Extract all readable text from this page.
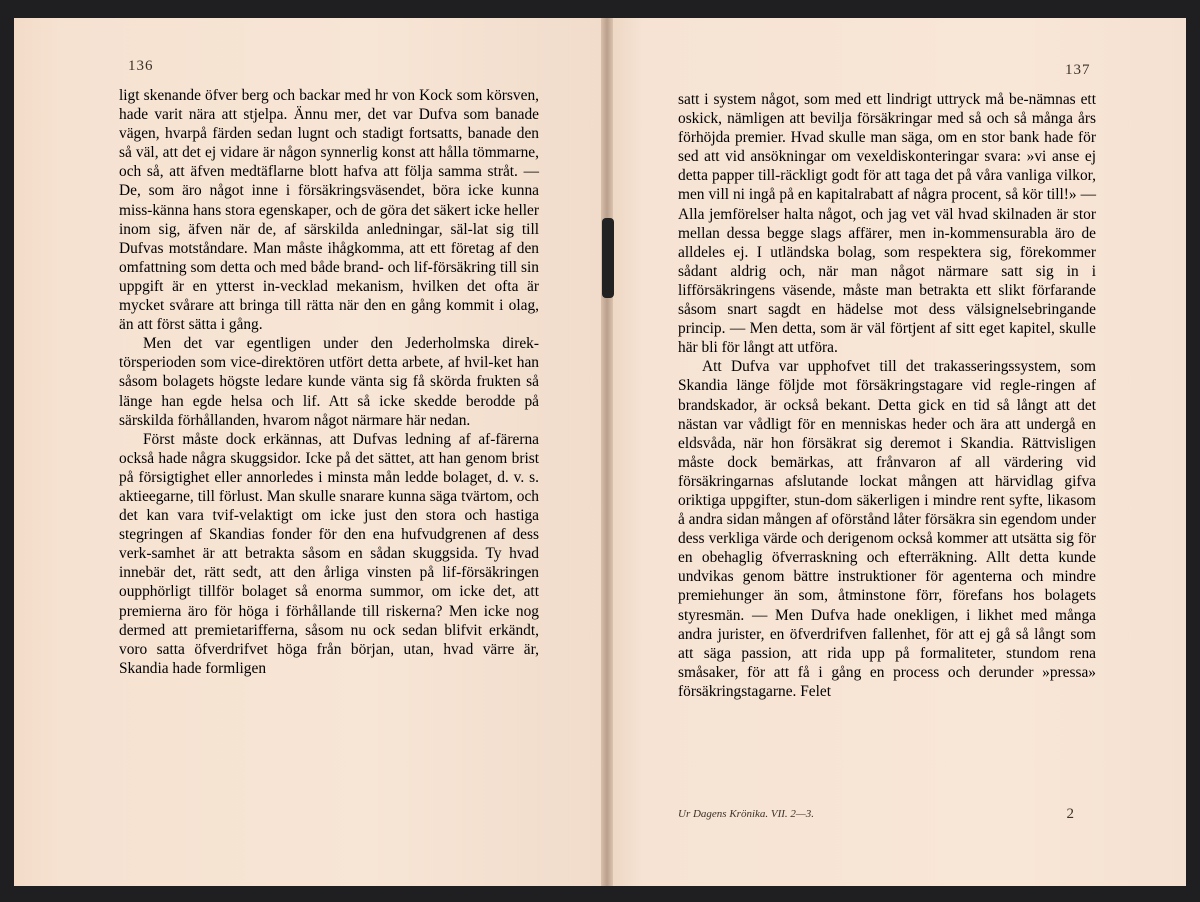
136	137

ligt skenande öfver berg och backar med hr von Kock som körsven, hade varit nära att stjelpa. Ännu mer, det var Dufva som banade vägen, hvarpå färden sedan lugnt och stadigt fortsatts, banade den så väl, att det ej vidare är någon synnerlig konst att hålla tömmarne, och så, att äfven medtäflarne blott hafva att följa samma stråt. — De, som äro något inne i försäkringsväsendet, böra icke kunna miss-känna hans stora egenskaper, och de göra det säkert icke heller inom sig, äfven när de, af särskilda anledningar, säl-lat sig till Dufvas motståndare. Man måste ihågkomma, att ett företag af den omfattning som detta och med både brand- och lif-försäkring till sin uppgift är en ytterst in-vecklad mekanism, hvilken det ofta är mycket svårare att bringa till rätta när den en gång kommit i olag, än att först sätta i gång.

Men det var egentligen under den Jederholmska direk-törsperioden som vice-direktören utfört detta arbete, af hvil-ket han såsom bolagets högste ledare kunde vänta sig få skörda frukten så länge han egde helsa och lif. Att så icke skedde berodde på särskilda förhållanden, hvarom något närmare här nedan.

Först måste dock erkännas, att Dufvas ledning af af-färerna också hade några skuggsidor. Icke på det sättet, att han genom brist på försigtighet eller annorledes i minsta mån ledde bolaget, d. v. s. aktieegarne, till förlust. Man skulle snarare kunna säga tvärtom, och det kan vara tvif-velaktigt om icke just den stora och hastiga stegringen af Skandias fonder för den ena hufvudgrenen af dess verk-samhet är att betrakta såsom en sådan skuggsida. Ty hvad innebär det, rätt sedt, att den årliga vinsten på lif-försäkringen oupphörligt tillför bolaget så enorma summor, om icke det, att premierna äro för höga i förhållande till riskerna? Men icke nog dermed att premietarifferna, såsom nu ock sedan blifvit erkändt, voro satta öfverdrifvet höga från början, utan, hvad värre är, Skandia hade formligen

satt i system något, som med ett lindrigt uttryck må be-nämnas ett oskick, nämligen att bevilja försäkringar med så och så många års förhöjda premier. Hvad skulle man säga, om en stor bank hade för sed att vid ansökningar om vexeldiskonteringar svara: »vi anse ej detta papper till-räckligt godt för att taga det på våra vanliga vilkor, men vill ni ingå på en kapitalrabatt af några procent, så kör till!» — Alla jemförelser halta något, och jag vet väl hvad skilnaden är stor mellan dessa begge slags affärer, men in-kommensurabla äro de alldeles ej. I utländska bolag, som respektera sig, förekommer sådant aldrig och, när man något närmare satt sig in i lifförsäkringens väsende, måste man betrakta ett slikt förfarande såsom snart sagdt en hädelse mot dess välsignelsebringande princip. — Men detta, som är väl förtjent af sitt eget kapitel, skulle här bli för långt att utföra.

Att Dufva var upphofvet till det trakasseringssystem, som Skandia länge följde mot försäkringstagare vid regle-ringen af brandskador, är också bekant. Detta gick en tid så långt att det nästan var vådligt för en menniskas heder och ära att undergå en eldsvåda, när hon försäkrat sig deremot i Skandia. Rättvisligen måste dock bemärkas, att frånvaron af all värdering vid försäkringarnas afslutande lockat mången att härvidlag gifva oriktiga uppgifter, stun-dom säkerligen i mindre rent syfte, likasom å andra sidan mången af oförstånd låter försäkra sin egendom under dess verkliga värde och derigenom också kommer att utsätta sig för en obehaglig öfverraskning och efterräkning. Allt detta kunde undvikas genom bättre instruktioner för agenterna och mindre premiehunger än som, åtminstone förr, förefans hos bolagets styresmän. — Men Dufva hade onekligen, i likhet med många andra jurister, en öfverdrifven fallenhet, för att ej gå så långt som att säga passion, att rida upp på formaliteter, stundom rena småsaker, för att få i gång en process och derunder »pressa» försäkringstagarne. Felet

Ur Dagens Krönika. VII. 2—3.	2
